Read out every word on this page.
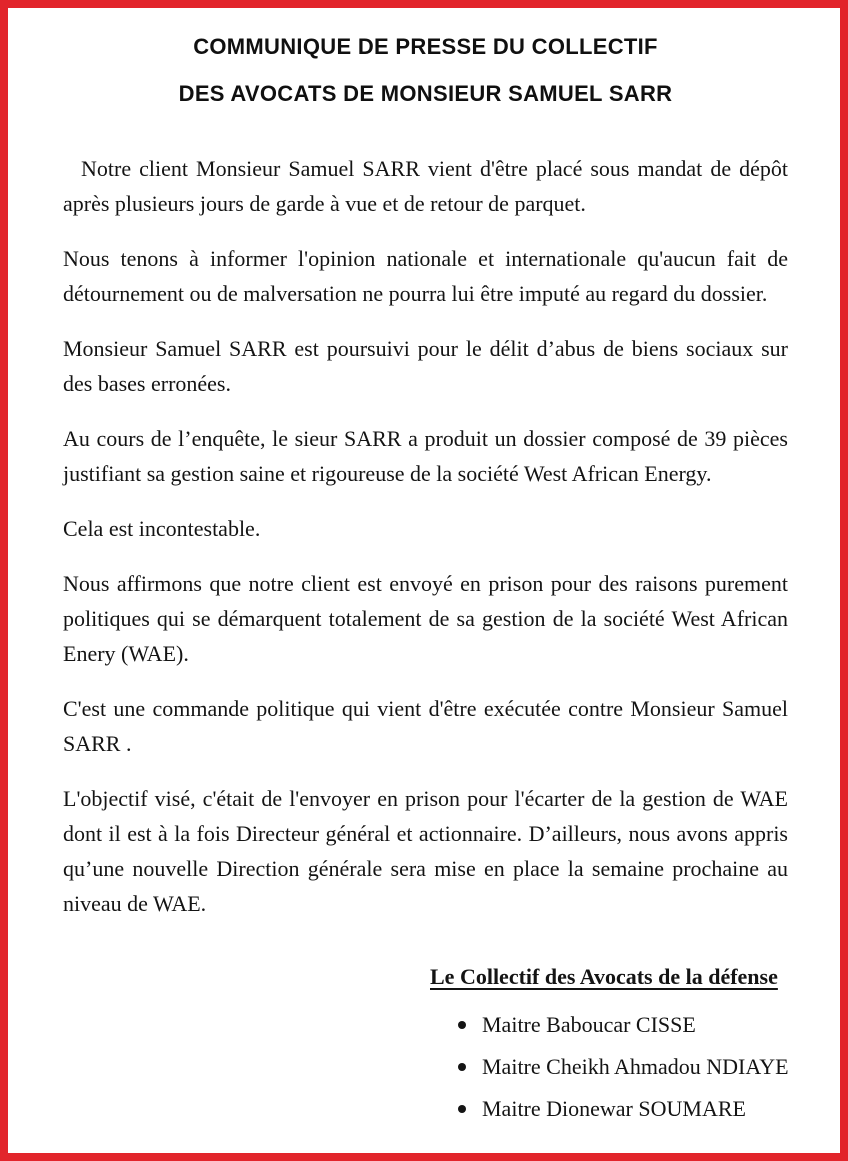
COMMUNIQUE DE PRESSE DU COLLECTIF
DES AVOCATS DE MONSIEUR SAMUEL SARR

Notre client Monsieur Samuel SARR vient d'être placé sous mandat de dépôt après plusieurs jours de garde à vue et de retour de parquet.

Nous tenons à informer l'opinion nationale et internationale qu'aucun fait de détournement ou de malversation ne pourra lui être imputé au regard du dossier.

Monsieur Samuel SARR est poursuivi pour le délit d’abus de biens sociaux sur des bases erronées.

Au cours de l’enquête, le sieur SARR a produit un dossier composé de 39 pièces justifiant sa gestion saine et rigoureuse de la société West African Energy.

Cela est incontestable.

Nous affirmons que notre client est envoyé en prison pour des raisons purement politiques qui se démarquent totalement de sa gestion de la société West African Enery (WAE).

C'est une commande politique qui vient d'être exécutée contre Monsieur Samuel SARR .

L'objectif visé, c'était de l'envoyer en prison pour l'écarter de la gestion de WAE dont il est à la fois Directeur général et actionnaire. D’ailleurs, nous avons appris qu’une nouvelle Direction générale sera mise en place la semaine prochaine au niveau de WAE.

Le Collectif des Avocats de la défense
Maitre Baboucar CISSE
Maitre Cheikh Ahmadou NDIAYE
Maitre Dionewar SOUMARE
